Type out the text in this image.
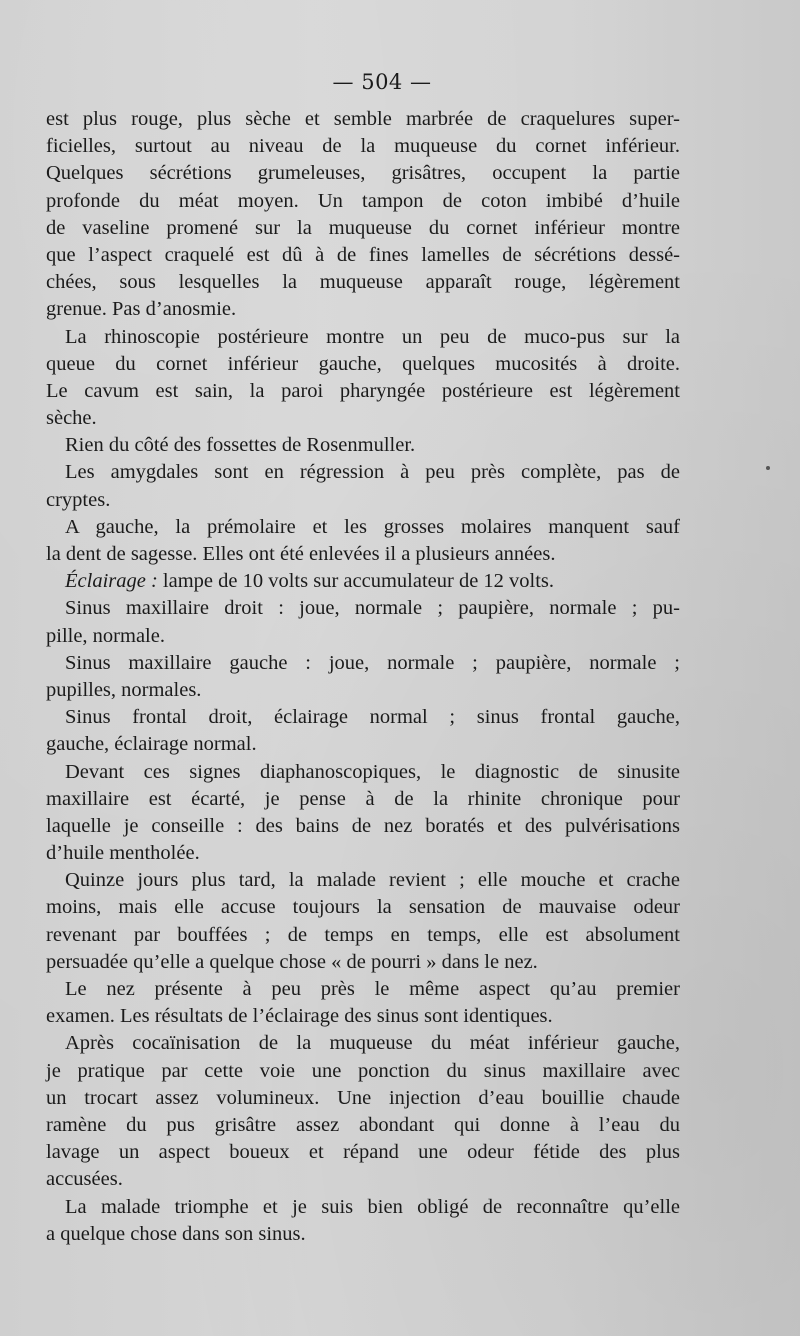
— 504 —
est plus rouge, plus sèche et semble marbrée de craquelures super-
ficielles, surtout au niveau de la muqueuse du cornet inférieur.
Quelques sécrétions grumeleuses, grisâtres, occupent la partie
profonde du méat moyen. Un tampon de coton imbibé d’huile
de vaseline promené sur la muqueuse du cornet inférieur montre
que l’aspect craquelé est dû à de fines lamelles de sécrétions dessé-
chées, sous lesquelles la muqueuse apparaît rouge, légèrement
grenue. Pas d’anosmie.
La rhinoscopie postérieure montre un peu de muco-pus sur la
queue du cornet inférieur gauche, quelques mucosités à droite.
Le cavum est sain, la paroi pharyngée postérieure est légèrement
sèche.
Rien du côté des fossettes de Rosenmuller.
Les amygdales sont en régression à peu près complète, pas de
cryptes.
A gauche, la prémolaire et les grosses molaires manquent sauf
la dent de sagesse. Elles ont été enlevées il a plusieurs années.
Éclairage : lampe de 10 volts sur accumulateur de 12 volts.
Sinus maxillaire droit : joue, normale ; paupière, normale ; pu-
pille, normale.
Sinus maxillaire gauche : joue, normale ; paupière, normale ;
pupilles, normales.
Sinus frontal droit, éclairage normal ; sinus frontal gauche,
gauche, éclairage normal.
Devant ces signes diaphanoscopiques, le diagnostic de sinusite
maxillaire est écarté, je pense à de la rhinite chronique pour
laquelle je conseille : des bains de nez boratés et des pulvérisations
d’huile mentholée.
Quinze jours plus tard, la malade revient ; elle mouche et crache
moins, mais elle accuse toujours la sensation de mauvaise odeur
revenant par bouffées ; de temps en temps, elle est absolument
persuadée qu’elle a quelque chose « de pourri » dans le nez.
Le nez présente à peu près le même aspect qu’au premier
examen. Les résultats de l’éclairage des sinus sont identiques.
Après cocaïnisation de la muqueuse du méat inférieur gauche,
je pratique par cette voie une ponction du sinus maxillaire avec
un trocart assez volumineux. Une injection d’eau bouillie chaude
ramène du pus grisâtre assez abondant qui donne à l’eau du
lavage un aspect boueux et répand une odeur fétide des plus
accusées.
La malade triomphe et je suis bien obligé de reconnaître qu’elle
a quelque chose dans son sinus.
